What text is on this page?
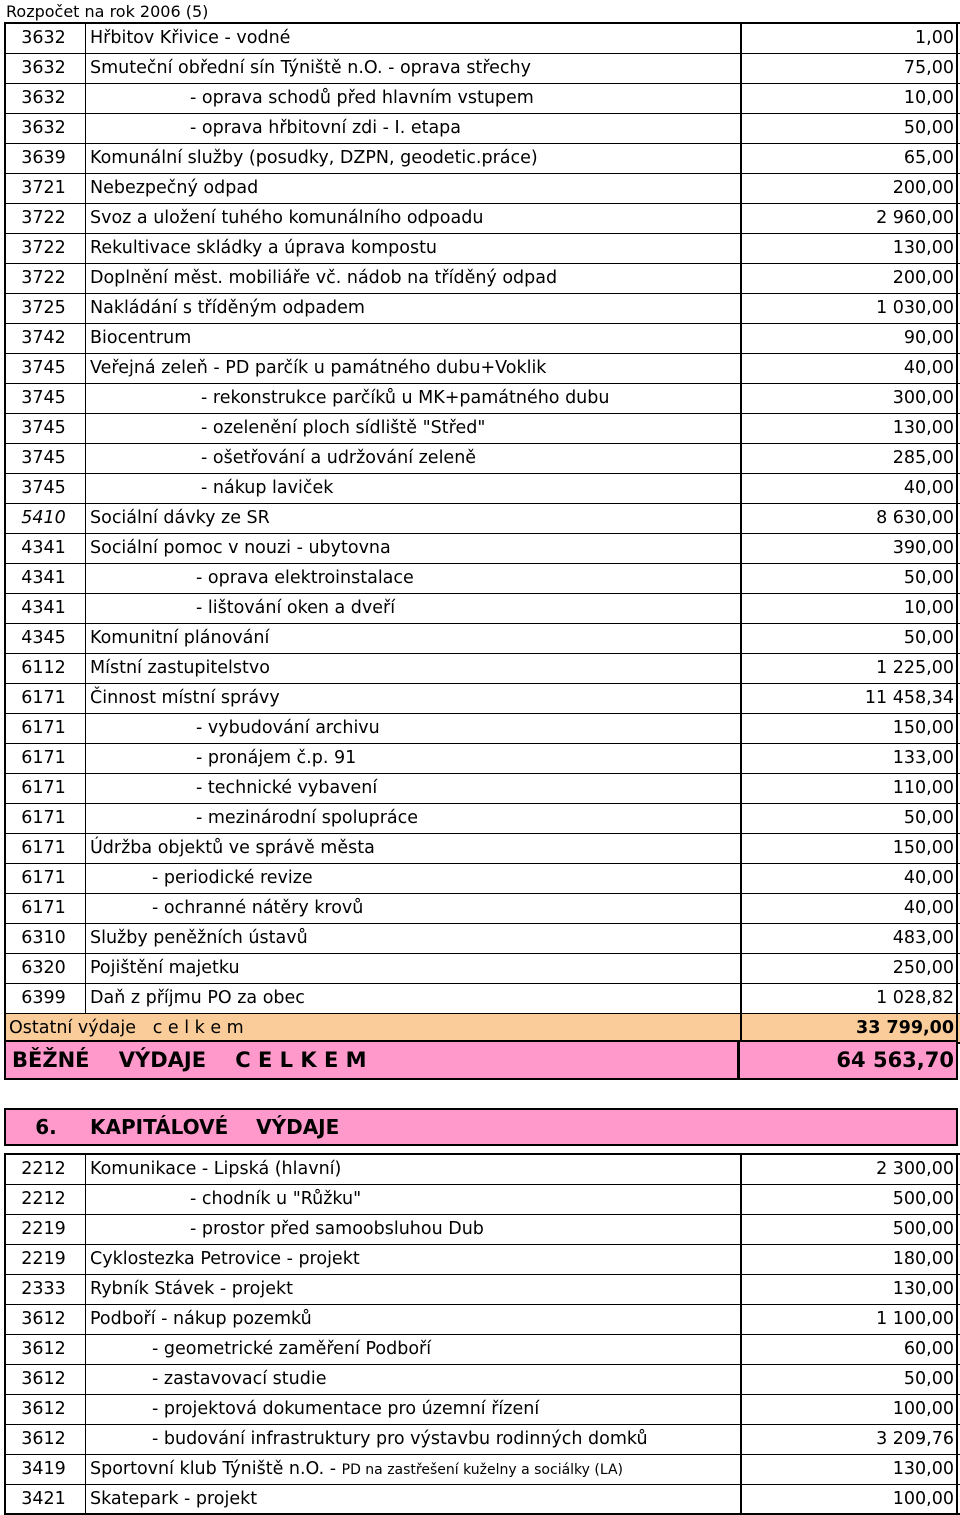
Rozpočet na rok 2006 (5)
3632	Hřbitov Křivice - vodné	1,00
3632	Smuteční obřední sín Týniště n.O. - oprava střechy	75,00
3632	- oprava schodů před hlavním vstupem	10,00
3632	- oprava hřbitovní zdi - I. etapa	50,00
3639	Komunální služby (posudky, DZPN, geodetic.práce)	65,00
3721	Nebezpečný odpad	200,00
3722	Svoz a uložení tuhého komunálního odpoadu	2 960,00
3722	Rekultivace skládky a úprava kompostu	130,00
3722	Doplnění měst. mobiliáře vč. nádob na tříděný odpad	200,00
3725	Nakládání s tříděným odpadem	1 030,00
3742	Biocentrum	90,00
3745	Veřejná zeleň - PD parčík u památného dubu+Voklik	40,00
3745	- rekonstrukce parčíků u MK+památného dubu	300,00
3745	- ozelenění ploch sídliště "Střed"	130,00
3745	- ošetřování a udržování zeleně	285,00
3745	- nákup laviček	40,00
5410	Sociální dávky ze SR	8 630,00
4341	Sociální pomoc v nouzi - ubytovna	390,00
4341	- oprava elektroinstalace	50,00
4341	- lištování oken a dveří	10,00
4345	Komunitní plánování	50,00
6112	Místní zastupitelstvo	1 225,00
6171	Činnost místní správy	11 458,34
6171	- vybudování archivu	150,00
6171	- pronájem č.p. 91	133,00
6171	- technické vybavení	110,00
6171	- mezinárodní spolupráce	50,00
6171	Údržba objektů ve správě města	150,00
6171	- periodické revize	40,00
6171	- ochranné nátěry krovů	40,00
6310	Služby peněžních ústavů	483,00
6320	Pojištění majetku	250,00
6399	Daň z příjmu PO za obec	1 028,82
Ostatní výdaje   c e l k e m	33 799,00
BĚŽNÉ    VÝDAJE    C E L K E M	64 563,70
6.	KAPITÁLOVÉ    VÝDAJE
2212	Komunikace - Lipská (hlavní)	2 300,00
2212	- chodník u "Růžku"	500,00
2219	- prostor před samoobsluhou Dub	500,00
2219	Cyklostezka Petrovice - projekt	180,00
2333	Rybník Stávek - projekt	130,00
3612	Podboří - nákup pozemků	1 100,00
3612	- geometrické zaměření Podboří	60,00
3612	- zastavovací studie	50,00
3612	- projektová dokumentace pro územní řízení	100,00
3612	- budování infrastruktury pro výstavbu rodinných domků	3 209,76
3419	Sportovní klub Týniště n.O. - PD na zastřešení kuželny a sociálky (LA)	130,00
3421	Skatepark - projekt	100,00
